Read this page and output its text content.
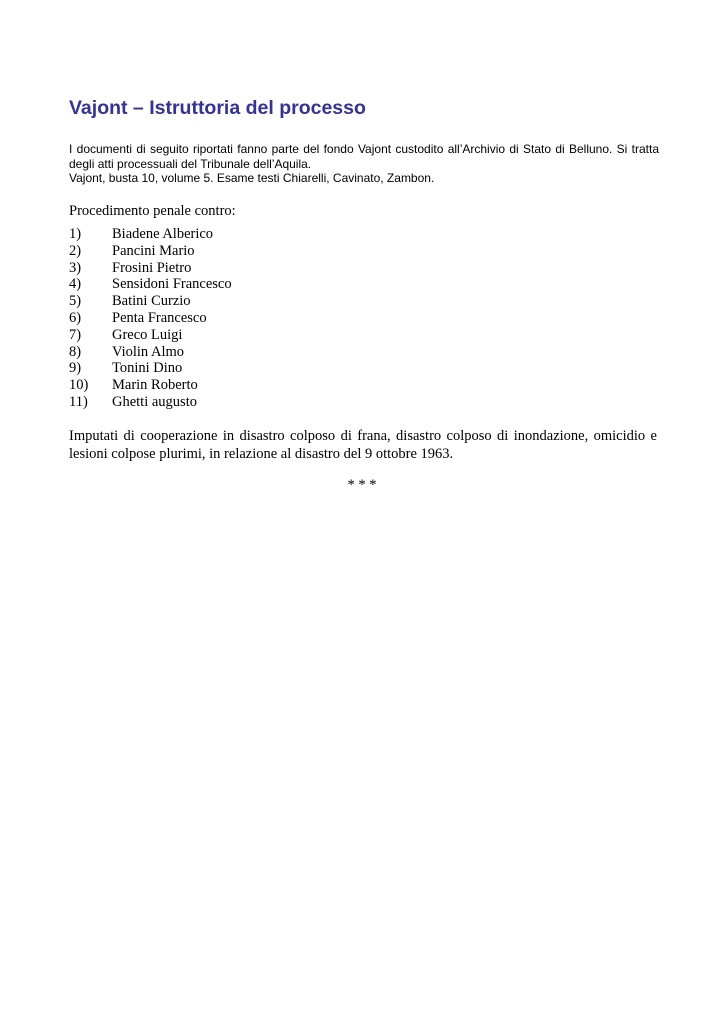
Vajont – Istruttoria del processo

I documenti di seguito riportati fanno parte del fondo Vajont custodito all’Archivio di Stato di Belluno. Si tratta degli atti processuali del Tribunale dell’Aquila.
Vajont, busta 10, volume 5. Esame testi Chiarelli, Cavinato, Zambon.

Procedimento penale contro:

1)	Biadene Alberico
2)	Pancini Mario
3)	Frosini Pietro
4)	Sensidoni Francesco
5)	Batini Curzio
6)	Penta Francesco
7)	Greco Luigi
8)	Violin Almo
9)	Tonini Dino
10)	Marin Roberto
11)	Ghetti augusto

Imputati di cooperazione in disastro colposo di frana, disastro colposo di inondazione, omicidio e lesioni colpose plurimi, in relazione al disastro del 9 ottobre 1963.

* * *
